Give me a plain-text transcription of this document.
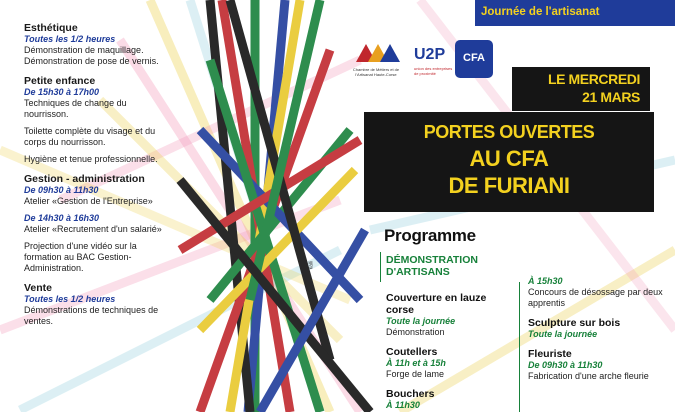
Journée de l'artisanat

Esthétique

Toutes les 1/2 heures

Démonstration de maquillage.

Démonstration de pose de vernis.

Petite enfance

De 15h30 à 17h00

Techniques de change du nourrisson.

Toilette complète du visage et du corps du nourrisson.

Hygiène et tenue professionnelle.

Gestion - administration

De 09h30 à 11h30

Atelier «Gestion de l'Entreprise»

De 14h30 à 16h30

Atelier «Recrutement d'un salarié»

Projection d'une vidéo sur la formation au BAC Gestion-Administration.

Vente

Toutes les 1/2 heures

Démonstrations de techniques de ventes.

Chambre de Métiers et de l'Artisanat Haute-Corse
U2P
union des entreprises de proximité
CFA
LE MERCREDI
21 MARS
PORTES OUVERTES
AU CFA
DE FURIANI
kalli
Programme
DÉMONSTRATION
D'ARTISANS

Couverture en lauze corse

Toute la journée

Démonstration

Coutellers

À 11h et à 15h

Forge de lame

Bouchers

À 11h30

À 15h30

Concours de désossage par deux apprentis

Sculpture sur bois

Toute la journée

Fleuriste

De 09h30 à 11h30

Fabrication d'une arche fleurie
